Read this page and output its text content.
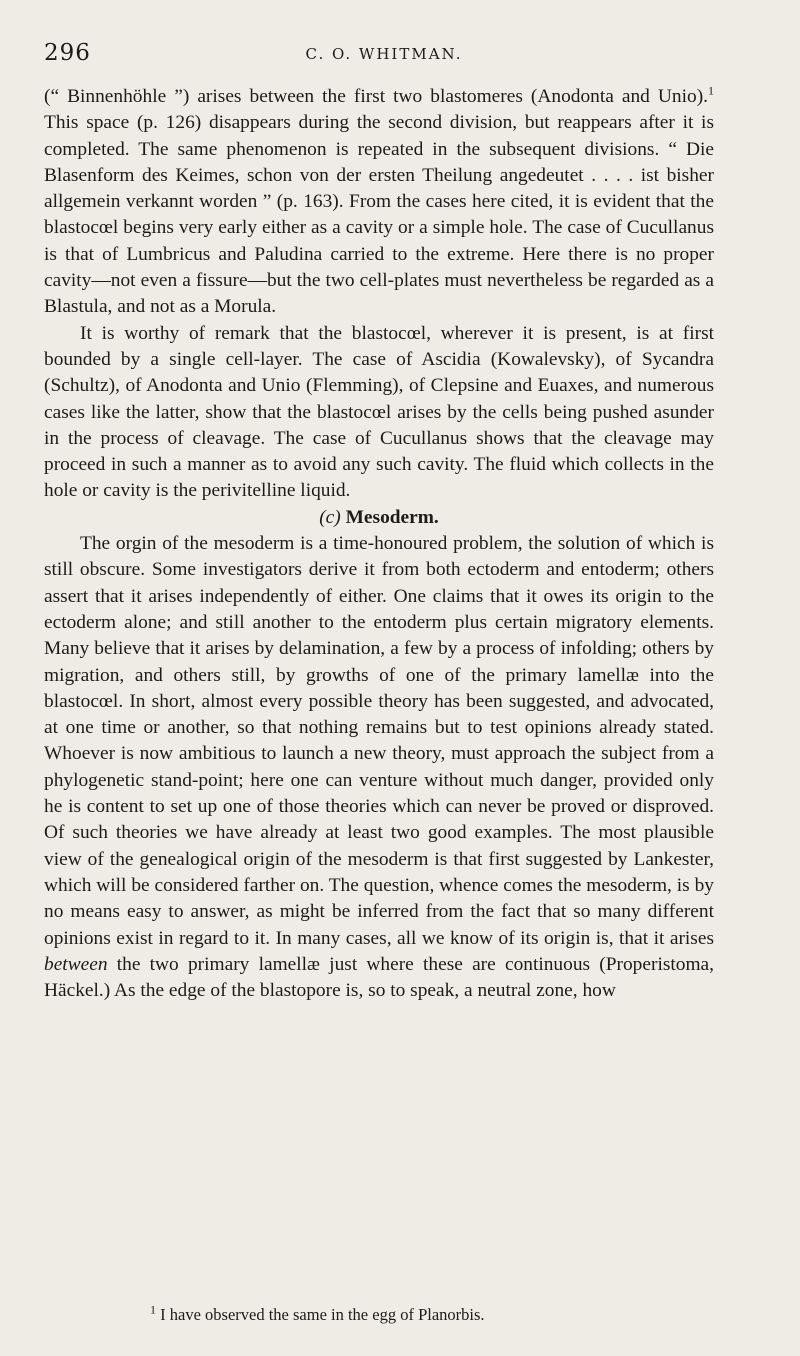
296	C. O. WHITMAN.

(“ Binnenhöhle ”) arises between the first two blastomeres (Anodonta and Unio).$^1$ This space (p. 126) disappears during the second division, but reappears after it is completed. The same phenomenon is repeated in the subsequent divisions. “ Die Blasenform des Keimes, schon von der ersten Theilung angedeutet . . . . ist bisher allgemein verkannt worden ” (p. 163). From the cases here cited, it is evident that the blastocœl begins very early either as a cavity or a simple hole. The case of Cucullanus is that of Lumbricus and Paludina carried to the extreme. Here there is no proper cavity—not even a fissure—but the two cell-plates must nevertheless be regarded as a Blastula, and not as a Morula.

It is worthy of remark that the blastocœl, wherever it is present, is at first bounded by a single cell-layer. The case of Ascidia (Kowalevsky), of Sycandra (Schultz), of Anodonta and Unio (Flemming), of Clepsine and Euaxes, and numerous cases like the latter, show that the blastocœl arises by the cells being pushed asunder in the process of cleavage. The case of Cucullanus shows that the cleavage may proceed in such a manner as to avoid any such cavity. The fluid which collects in the hole or cavity is the perivitelline liquid.

(c) Mesoderm.

The orgin of the mesoderm is a time-honoured problem, the solution of which is still obscure. Some investigators derive it from both ectoderm and entoderm; others assert that it arises independently of either. One claims that it owes its origin to the ectoderm alone; and still another to the entoderm plus certain migratory elements. Many believe that it arises by delamination, a few by a process of infolding; others by migration, and others still, by growths of one of the primary lamellæ into the blastocœl. In short, almost every possible theory has been suggested, and advocated, at one time or another, so that nothing remains but to test opinions already stated. Whoever is now ambitious to launch a new theory, must approach the subject from a phylogenetic stand-point; here one can venture without much danger, provided only he is content to set up one of those theories which can never be proved or disproved. Of such theories we have already at least two good examples. The most plausible view of the genealogical origin of the mesoderm is that first suggested by Lankester, which will be considered farther on. The question, whence comes the mesoderm, is by no means easy to answer, as might be inferred from the fact that so many different opinions exist in regard to it. In many cases, all we know of its origin is, that it arises between the two primary lamellæ just where these are continuous (Properistoma, Häckel.) As the edge of the blastopore is, so to speak, a neutral zone, how

$^1$ I have observed the same in the egg of Planorbis.
